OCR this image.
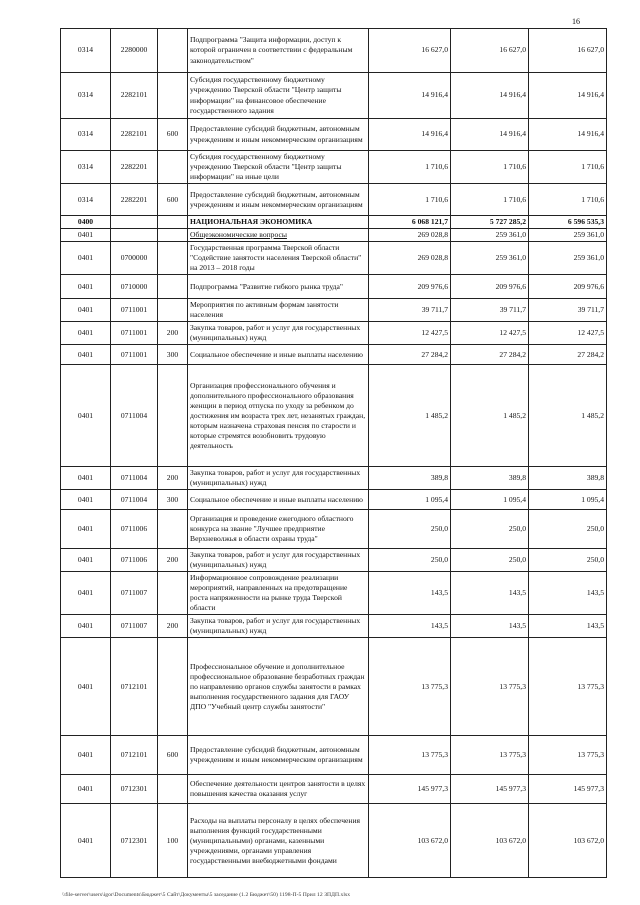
16
0314	2280000		Подпрограмма "Защита информации, доступ к которой ограничен в соответствии с федеральным законодательством"	16 627,0	16 627,0	16 627,0
0314	2282101		Субсидия государственному бюджетному учреждению Тверской области "Центр защиты информации" на финансовое обеспечение государственного задания	14 916,4	14 916,4	14 916,4
0314	2282101	600	Предоставление субсидий бюджетным, автономным учреждениям и иным некоммерческим организациям	14 916,4	14 916,4	14 916,4
0314	2282201		Субсидия государственному бюджетному учреждению Тверской области "Центр защиты информации" на иные цели	1 710,6	1 710,6	1 710,6
0314	2282201	600	Предоставление субсидий бюджетным, автономным учреждениям и иным некоммерческим организациям	1 710,6	1 710,6	1 710,6
0400			НАЦИОНАЛЬНАЯ ЭКОНОМИКА	6 068 121,7	5 727 285,2	6 596 535,3
0401			Общеэкономические вопросы	269 028,8	259 361,0	259 361,0
0401	0700000		Государственная программа Тверской области "Содействие занятости населения Тверской области" на 2013 – 2018 годы	269 028,8	259 361,0	259 361,0
0401	0710000		Подпрограмма "Развитие гибкого рынка труда"	209 976,6	209 976,6	209 976,6
0401	0711001		Мероприятия по активным формам занятости населения	39 711,7	39 711,7	39 711,7
0401	0711001	200	Закупка товаров, работ и услуг для государственных (муниципальных) нужд	12 427,5	12 427,5	12 427,5
0401	0711001	300	Социальное обеспечение и иные выплаты населению	27 284,2	27 284,2	27 284,2
0401	0711004		Организация профессионального обучения и дополнительного профессионального образования женщин в период отпуска по уходу за ребенком до достижения им возраста трех лет, незанятых граждан, которым назначена страховая пенсия по старости и которые стремятся возобновить трудовую деятельность	1 485,2	1 485,2	1 485,2
0401	0711004	200	Закупка товаров, работ и услуг для государственных (муниципальных) нужд	389,8	389,8	389,8
0401	0711004	300	Социальное обеспечение и иные выплаты населению	1 095,4	1 095,4	1 095,4
0401	0711006		Организация и проведение ежегодного областного конкурса на звание "Лучшее предприятие Верхневолжья в области охраны труда"	250,0	250,0	250,0
0401	0711006	200	Закупка товаров, работ и услуг для государственных (муниципальных) нужд	250,0	250,0	250,0
0401	0711007		Информационное сопровождение реализации мероприятий, направленных на предотвращение роста напряженности на рынке труда Тверской области	143,5	143,5	143,5
0401	0711007	200	Закупка товаров, работ и услуг для государственных (муниципальных) нужд	143,5	143,5	143,5
0401	0712101		Профессиональное обучение и дополнительное профессиональное образование безработных граждан по направлению органов службы занятости в рамках выполнения государственного задания для ГАОУ ДПО "Учебный центр службы занятости"	13 775,3	13 775,3	13 775,3
0401	0712101	600	Предоставление субсидий бюджетным, автономным учреждениям и иным некоммерческим организациям	13 775,3	13 775,3	13 775,3
0401	0712301		Обеспечение деятельности центров занятости в целях повышения качества оказания услуг	145 977,3	145 977,3	145 977,3
0401	0712301	100	Расходы на выплаты персоналу в целях обеспечения выполнения функций государственными (муниципальными) органами, казенными учреждениями, органами управления государственными внебюджетными фондами	103 672,0	103 672,0	103 672,0
\\file-server\users\igor\Documents\Бюджет\5 Сайт\Документы\5 заседание (1.2 Бюджет\50) 1198-П-5 Прил 12 ЗПДП.xlsx
